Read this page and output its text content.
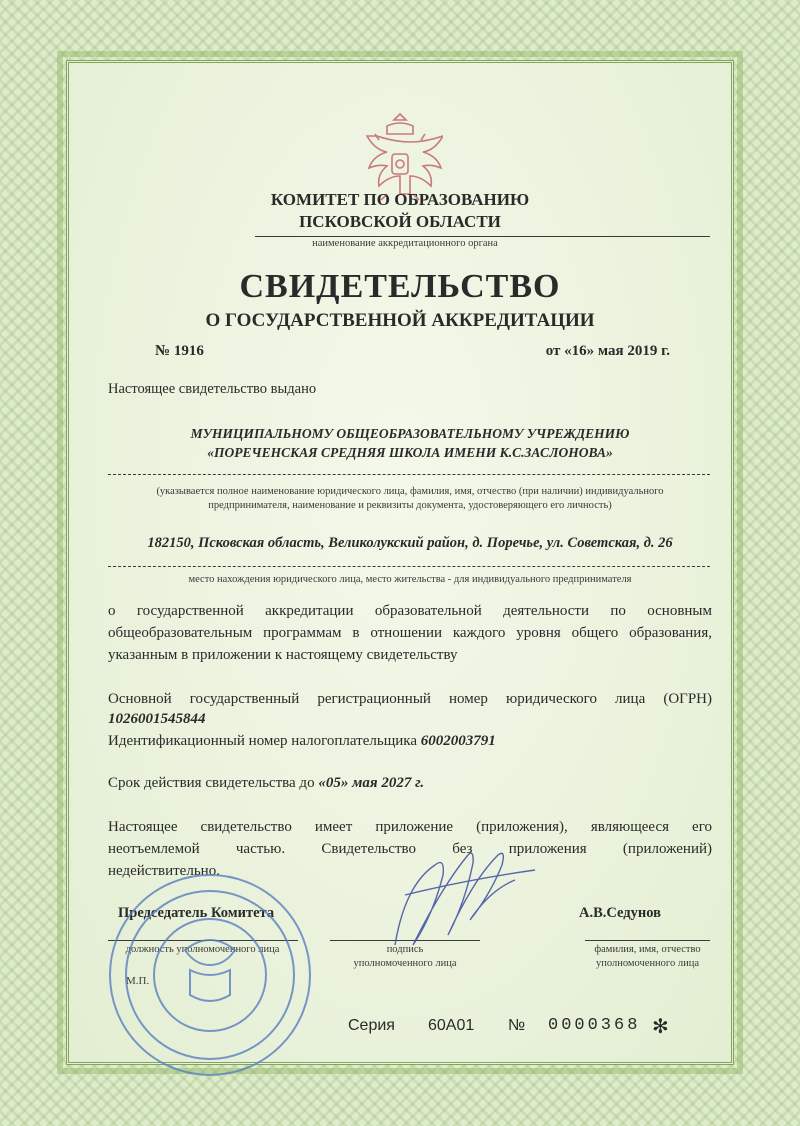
КОМИТЕТ ПО ОБРАЗОВАНИЮ
ПСКОВСКОЙ ОБЛАСТИ
наименование аккредитационного органа
СВИДЕТЕЛЬСТВО
О ГОСУДАРСТВЕННОЙ АККРЕДИТАЦИИ
№ 1916	от «16» мая 2019 г.
Настоящее свидетельство выдано
МУНИЦИПАЛЬНОМУ ОБЩЕОБРАЗОВАТЕЛЬНОМУ УЧРЕЖДЕНИЮ
«ПОРЕЧЕНСКАЯ СРЕДНЯЯ ШКОЛА ИМЕНИ К.С.ЗАСЛОНОВА»
(указывается полное наименование юридического лица, фамилия, имя, отчество (при наличии) индивидуального
предпринимателя, наименование и реквизиты документа, удостоверяющего его личность)
182150, Псковская область, Великолукский район, д. Поречье, ул. Советская, д. 26
место нахождения юридического лица, место жительства - для индивидуального предпринимателя
о государственной аккредитации образовательной деятельности по основным
общеобразовательным программам в отношении каждого уровня общего образования,
указанным в приложении к настоящему свидетельству
Основной государственный регистрационный номер юридического лица (ОГРН)
1026001545844
Идентификационный номер налогоплательщика 6002003791
Срок действия свидетельства до «05» мая 2027 г.
Настоящее свидетельство имеет приложение (приложения), являющееся его
неотъемлемой частью. Свидетельство без приложения (приложений)
недействительно.
Председатель Комитета	А.В.Седунов
должность уполномоченного лица	подпись
уполномоченного лица
фамилия, имя, отчество
уполномоченного лица
М.П.
Серия 60А01 № 0000368 ✻
